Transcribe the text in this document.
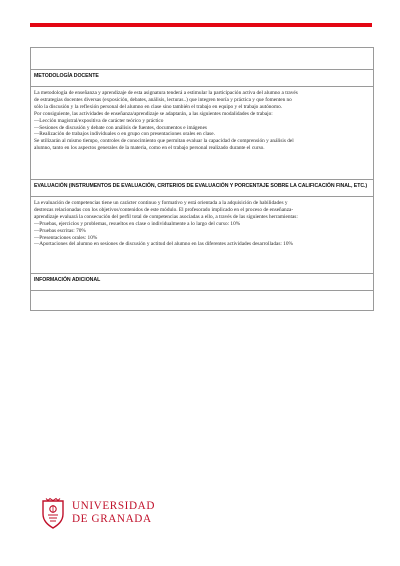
METODOLOGÍA DOCENTE

La metodología de enseñanza y aprendizaje de esta asignatura tenderá a estimular la participación activa del alumno a través

de estrategias docentes diversas (exposición, debates, análisis, lecturas..) que integren teoría y práctica y que fomenten no

sólo la discusión y la reflexión personal del alumno en clase sino también el trabajo en equipo y el trabajo autónomo.

Por consiguiente, las actividades de enseñanza/aprendizaje se adaptarán, a las siguientes modalidades de trabajo:

—Lección magistral/expositiva de carácter teórico y práctico

—Sesiones de discusión y debate con análisis de fuentes, documentos e imágenes

—Realización de trabajos individuales o en grupo con presentaciones orales en clase.

Se utilizarán al mismo tiempo, controles de conocimiento que permitan evaluar la capacidad de comprensión y análisis del

alumno, tanto en los aspectos generales de la materia, como en el trabajo personal realizado durante el curso.

EVALUACIÓN (INSTRUMENTOS DE EVALUACIÓN, CRITERIOS DE EVALUACIÓN Y PORCENTAJE SOBRE LA CALIFICACIÓN FINAL, ETC.)

La evaluación de competencias tiene un carácter continuo y formativo y está orientada a la adquisición de habilidades y

destrezas relacionadas con los objetivos/contenidos de este módulo. El profesorado implicado en el proceso de enseñanza-

aprendizaje evaluará la consecución del perfil total de competencias asociadas a ello, a través de las siguientes herramientas:

—Pruebas, ejercicios y problemas, resueltos en clase o individualmente a lo largo del curso: 10%

—Pruebas escritas: 70%

—Presentaciones orales: 10%

—Aportaciones del alumno en sesiones de discusión y actitud del alumno en las diferentes actividades desarrolladas: 10%

INFORMACIÓN ADICIONAL
UNIVERSIDAD
DE GRANADA
